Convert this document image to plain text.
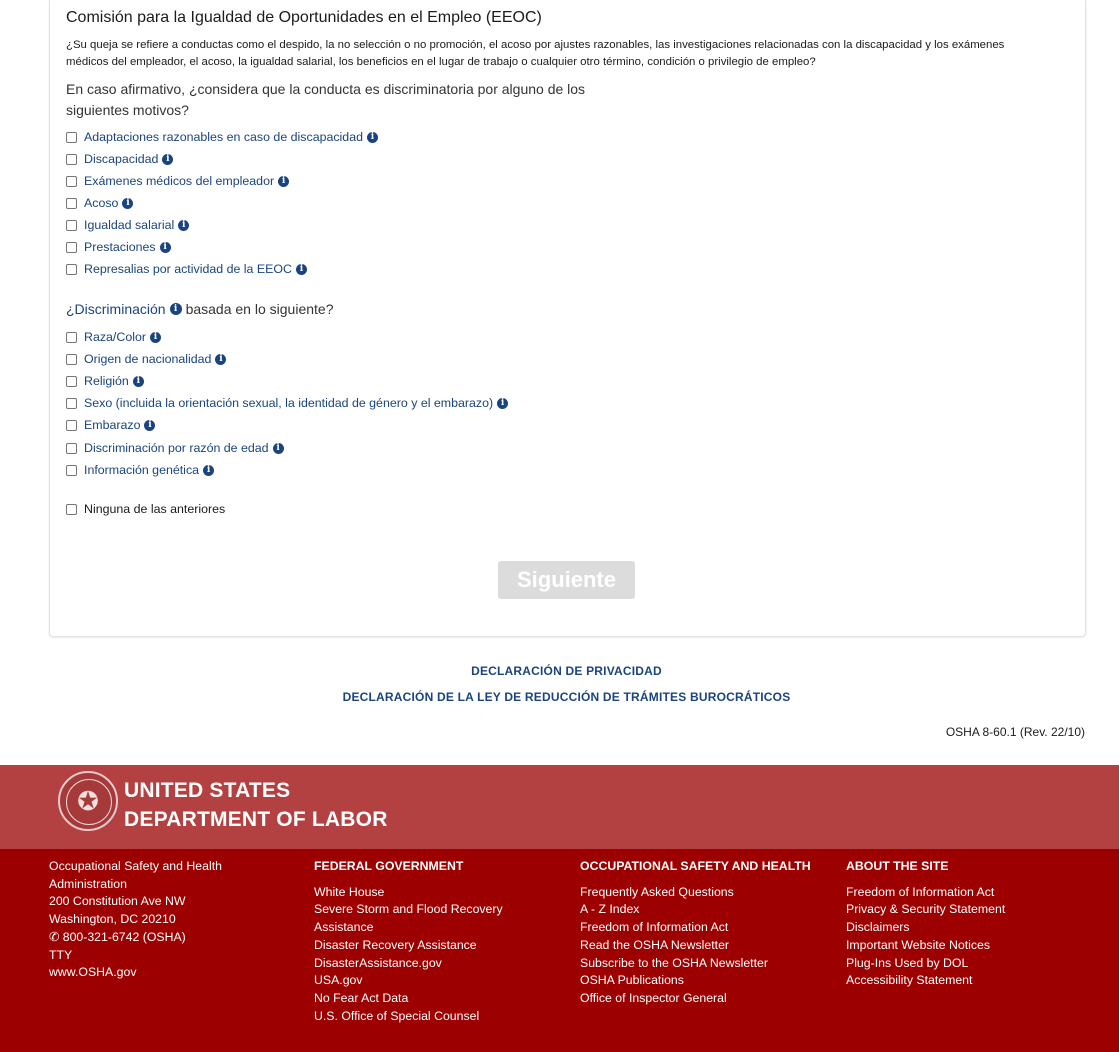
Comisión para la Igualdad de Oportunidades en el Empleo (EEOC)
¿Su queja se refiere a conductas como el despido, la no selección o no promoción, el acoso por ajustes razonables, las investigaciones relacionadas con la discapacidad y los exámenes médicos del empleador, el acoso, la igualdad salarial, los beneficios en el lugar de trabajo o cualquier otro término, condición o privilegio de empleo?
En caso afirmativo, ¿considera que la conducta es discriminatoria por alguno de los siguientes motivos?
Adaptaciones razonables en caso de discapacidad i
Discapacidad i
Exámenes médicos del empleador i
Acoso i
Igualdad salarial i
Prestaciones i
Represalias por actividad de la EEOC i
¿Discriminación i basada en lo siguiente?
Raza/Color i
Origen de nacionalidad i
Religión i
Sexo (incluida la orientación sexual, la identidad de género y el embarazo) i
Embarazo i
Discriminación por razón de edad i
Información genética i
Ninguna de las anteriores
Siguiente
DECLARACIÓN DE PRIVACIDAD
DECLARACIÓN DE LA LEY DE REDUCCIÓN DE TRÁMITES BUROCRÁTICOS
OSHA 8-60.1 (Rev. 22/10)
✪
UNITED STATES
DEPARTMENT OF LABOR
Occupational Safety and Health
Administration
200 Constitution Ave NW
Washington, DC 20210
✆ 800-321-6742 (OSHA)
TTY
www.OSHA.gov
FEDERAL GOVERNMENT
White House
Severe Storm and Flood Recovery
Assistance
Disaster Recovery Assistance
DisasterAssistance.gov
USA.gov
No Fear Act Data
U.S. Office of Special Counsel
OCCUPATIONAL SAFETY AND HEALTH
Frequently Asked Questions
A - Z Index
Freedom of Information Act
Read the OSHA Newsletter
Subscribe to the OSHA Newsletter
OSHA Publications
Office of Inspector General
ABOUT THE SITE
Freedom of Information Act
Privacy & Security Statement
Disclaimers
Important Website Notices
Plug-Ins Used by DOL
Accessibility Statement
